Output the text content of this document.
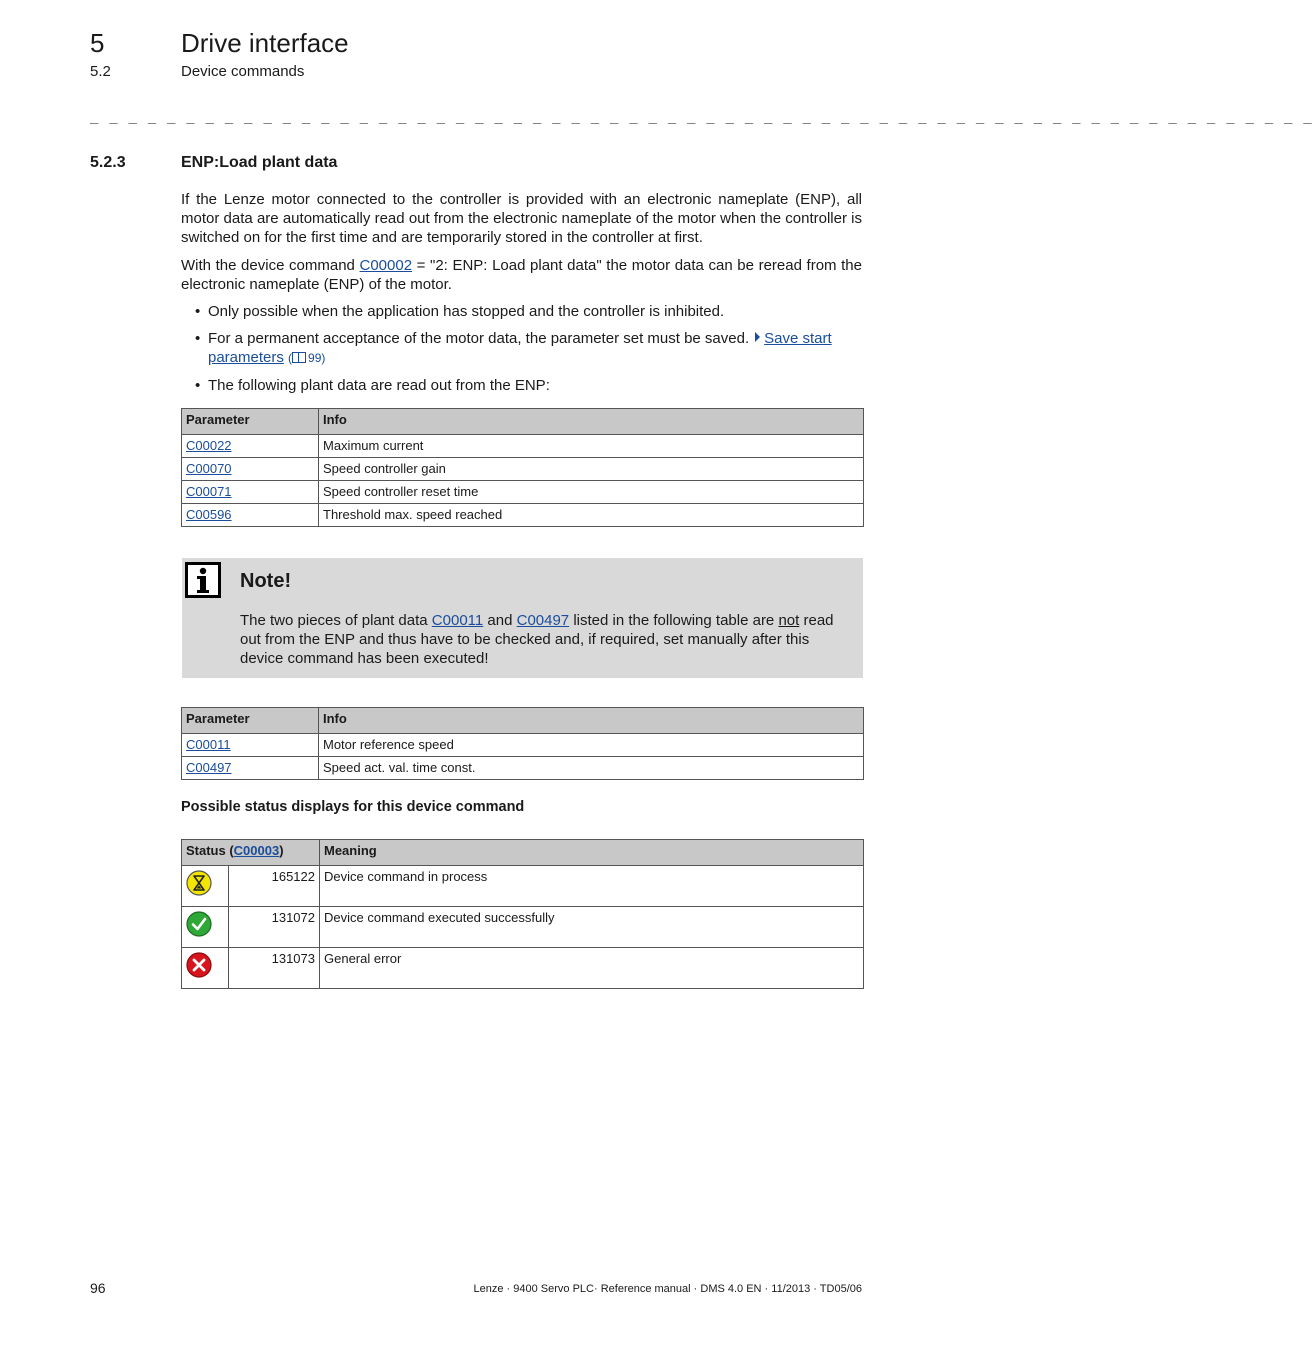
5	Drive interface
5.2	Device commands
_ _ _ _ _ _ _ _ _ _ _ _ _ _ _ _ _ _ _ _ _ _ _ _ _ _ _ _ _ _ _ _ _ _ _ _ _ _ _ _ _ _ _ _ _ _ _ _ _ _ _ _ _ _ _ _ _ _ _ _ _ _ _ _
5.2.3	ENP:Load plant data
If the Lenze motor connected to the controller is provided with an electronic nameplate (ENP), all motor data are automatically read out from the electronic nameplate of the motor when the controller is switched on for the first time and are temporarily stored in the controller at first.
With the device command C00002 = "2: ENP: Load plant data" the motor data can be reread from the electronic nameplate (ENP) of the motor.
• Only possible when the application has stopped and the controller is inhibited.
• For a permanent acceptance of the motor data, the parameter set must be saved. Save start parameters ( 99)
• The following plant data are read out from the ENP:
Parameter	Info
C00022	Maximum current
C00070	Speed controller gain
C00071	Speed controller reset time
C00596	Threshold max. speed reached
Note!
The two pieces of plant data C00011 and C00497 listed in the following table are not read out from the ENP and thus have to be checked and, if required, set manually after this device command has been executed!
Parameter	Info
C00011	Motor reference speed
C00497	Speed act. val. time const.
Possible status displays for this device command
Status (C00003)		Meaning
	165122	Device command in process
	131072	Device command executed successfully
	131073	General error
96	Lenze · 9400 Servo PLC· Reference manual · DMS 4.0 EN · 11/2013 · TD05/06
